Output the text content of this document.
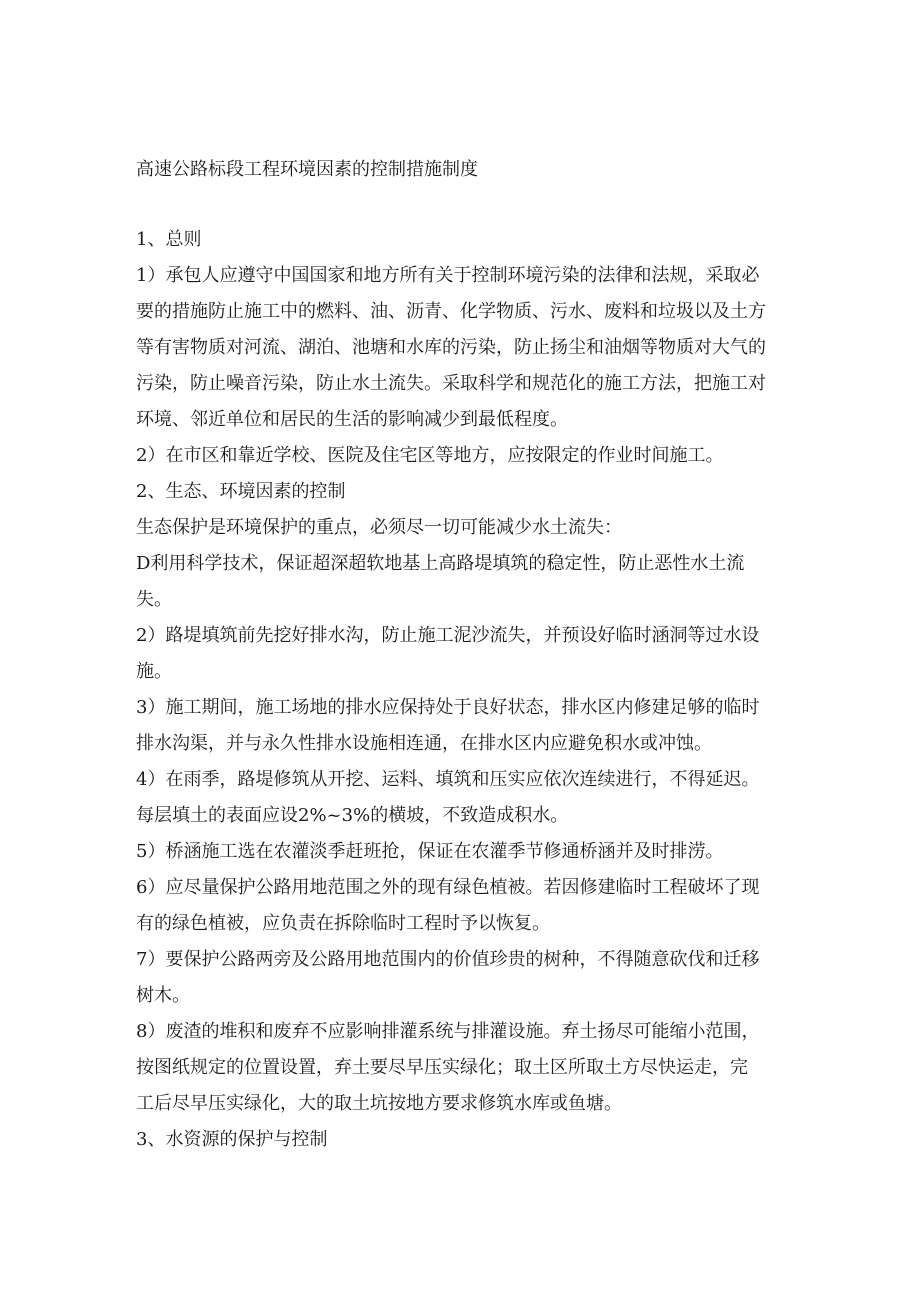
高速公路标段工程环境因素的控制措施制度

1、总则

1）承包人应遵守中国国家和地方所有关于控制环境污染的法律和法规，采取必

要的措施防止施工中的燃料、油、沥青、化学物质、污水、废料和垃圾以及土方

等有害物质对河流、湖泊、池塘和水库的污染，防止扬尘和油烟等物质对大气的

污染，防止噪音污染，防止水土流失。采取科学和规范化的施工方法，把施工对

环境、邻近单位和居民的生活的影响减少到最低程度。

2）在市区和靠近学校、医院及住宅区等地方，应按限定的作业时间施工。

2、生态、环境因素的控制

生态保护是环境保护的重点，必须尽一切可能减少水土流失：

D利用科学技术，保证超深超软地基上高路堤填筑的稳定性，防止恶性水土流

失。

2）路堤填筑前先挖好排水沟，防止施工泥沙流失，并预设好临时涵洞等过水设

施。

3）施工期间，施工场地的排水应保持处于良好状态，排水区内修建足够的临时

排水沟渠，并与永久性排水设施相连通，在排水区内应避免积水或冲蚀。

4）在雨季，路堤修筑从开挖、运料、填筑和压实应依次连续进行，不得延迟。

每层填土的表面应设2%~3%的横坡，不致造成积水。

5）桥涵施工选在农灌淡季赶班抢，保证在农灌季节修通桥涵并及时排涝。

6）应尽量保护公路用地范围之外的现有绿色植被。若因修建临时工程破坏了现

有的绿色植被，应负责在拆除临时工程时予以恢复。

7）要保护公路两旁及公路用地范围内的价值珍贵的树种，不得随意砍伐和迁移

树木。

8）废渣的堆积和废弃不应影响排灌系统与排灌设施。弃土扬尽可能缩小范围，

按图纸规定的位置设置，弃土要尽早压实绿化；取土区所取土方尽快运走，完

工后尽早压实绿化，大的取土坑按地方要求修筑水库或鱼塘。

3、水资源的保护与控制
